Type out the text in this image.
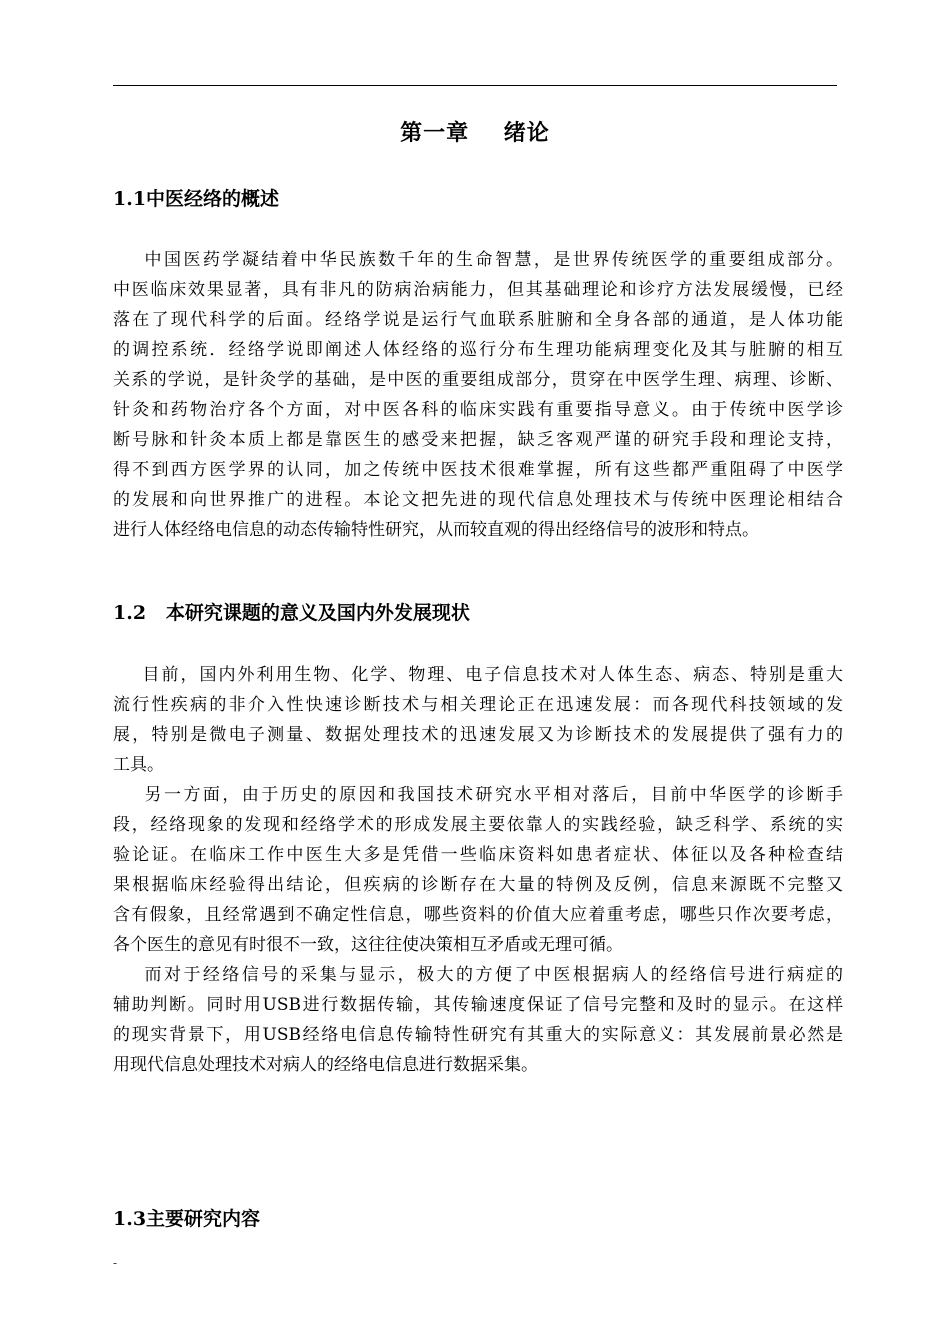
第一章    绪论
1.1中医经络的概述
中国医药学凝结着中华民族数千年的生命智慧，是世界传统医学的重要组成部分。
中医临床效果显著，具有非凡的防病治病能力，但其基础理论和诊疗方法发展缓慢，已经
落在了现代科学的后面。经络学说是运行气血联系脏腑和全身各部的通道，是人体功能
的调控系统．经络学说即阐述人体经络的巡行分布生理功能病理变化及其与脏腑的相互
关系的学说，是针灸学的基础，是中医的重要组成部分，贯穿在中医学生理、病理、诊断、
针灸和药物治疗各个方面，对中医各科的临床实践有重要指导意义。由于传统中医学诊
断号脉和针灸本质上都是靠医生的感受来把握，缺乏客观严谨的研究手段和理论支持，
得不到西方医学界的认同，加之传统中医技术很难掌握，所有这些都严重阻碍了中医学
的发展和向世界推广的进程。本论文把先进的现代信息处理技术与传统中医理论相结合
进行人体经络电信息的动态传输特性研究，从而较直观的得出经络信号的波形和特点。
1.2   本研究课题的意义及国内外发展现状
目前，国内外利用生物、化学、物理、电子信息技术对人体生态、病态、特别是重大
流行性疾病的非介入性快速诊断技术与相关理论正在迅速发展：而各现代科技领域的发
展，特别是微电子测量、数据处理技术的迅速发展又为诊断技术的发展提供了强有力的
工具。
另一方面，由于历史的原因和我国技术研究水平相对落后，目前中华医学的诊断手
段，经络现象的发现和经络学术的形成发展主要依靠人的实践经验，缺乏科学、系统的实
验论证。在临床工作中医生大多是凭借一些临床资料如患者症状、体征以及各种检查结
果根据临床经验得出结论，但疾病的诊断存在大量的特例及反例，信息来源既不完整又
含有假象，且经常遇到不确定性信息，哪些资料的价值大应着重考虑，哪些只作次要考虑，
各个医生的意见有时很不一致，这往往使决策相互矛盾或无理可循。
而对于经络信号的采集与显示，极大的方便了中医根据病人的经络信号进行病症的
辅助判断。同时用USB进行数据传输，其传输速度保证了信号完整和及时的显示。在这样
的现实背景下，用USB经络电信息传输特性研究有其重大的实际意义：其发展前景必然是
用现代信息处理技术对病人的经络电信息进行数据采集。
1.3主要研究内容
-
